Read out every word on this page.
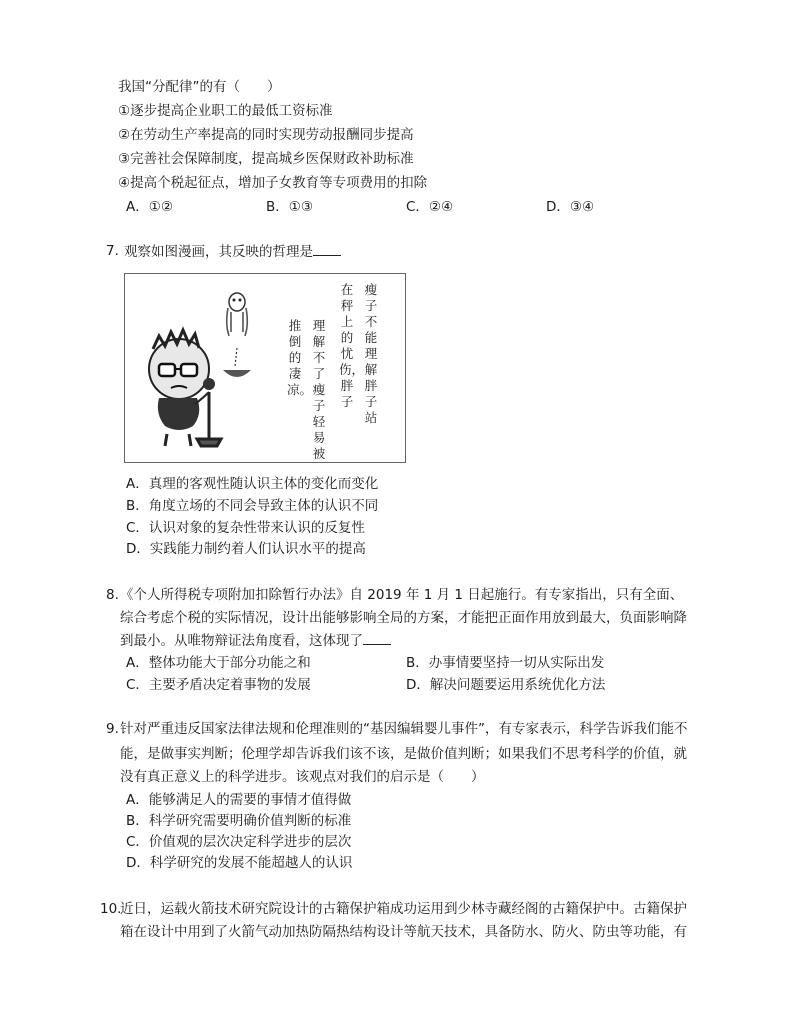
我国“分配律”的有（　　）
①逐步提高企业职工的最低工资标准
②在劳动生产率提高的同时实现劳动报酬同步提高
③完善社会保障制度，提高城乡医保财政补助标准
④提高个税起征点，增加子女教育等专项费用的扣除
A．①②	B．①③	C．②④	D．③④
7. 观察如图漫画，其反映的哲理是
推倒的凄凉。
理解不了瘦子轻易被
在秤上的忧伤，胖子
瘦子不能理解胖子站
A．真理的客观性随认识主体的变化而变化
B．角度立场的不同会导致主体的认识不同
C．认识对象的复杂性带来认识的反复性
D．实践能力制约着人们认识水平的提高
8. 《个人所得税专项附加扣除暂行办法》自 2019 年 1 月 1 日起施行。有专家指出，只有全面、
综合考虑个税的实际情况，设计出能够影响全局的方案，才能把正面作用放到最大，负面影响降
到最小。从唯物辩证法角度看，这体现了
A．整体功能大于部分功能之和	B．办事情要坚持一切从实际出发
C．主要矛盾决定着事物的发展	D．解决问题要运用系统优化方法
9. 针对严重违反国家法律法规和伦理准则的“基因编辑婴儿事件”，有专家表示，科学告诉我们能不
能，是做事实判断；伦理学却告诉我们该不该，是做价值判断；如果我们不思考科学的价值，就
没有真正意义上的科学进步。该观点对我们的启示是（　　）
A．能够满足人的需要的事情才值得做
B．科学研究需要明确价值判断的标准
C．价值观的层次决定科学进步的层次
D．科学研究的发展不能超越人的认识
10.
近日，运载火箭技术研究院设计的古籍保护箱成功运用到少林寺藏经阁的古籍保护中。古籍保护
箱在设计中用到了火箭气动加热防隔热结构设计等航天技术，具备防水、防火、防虫等功能，有
